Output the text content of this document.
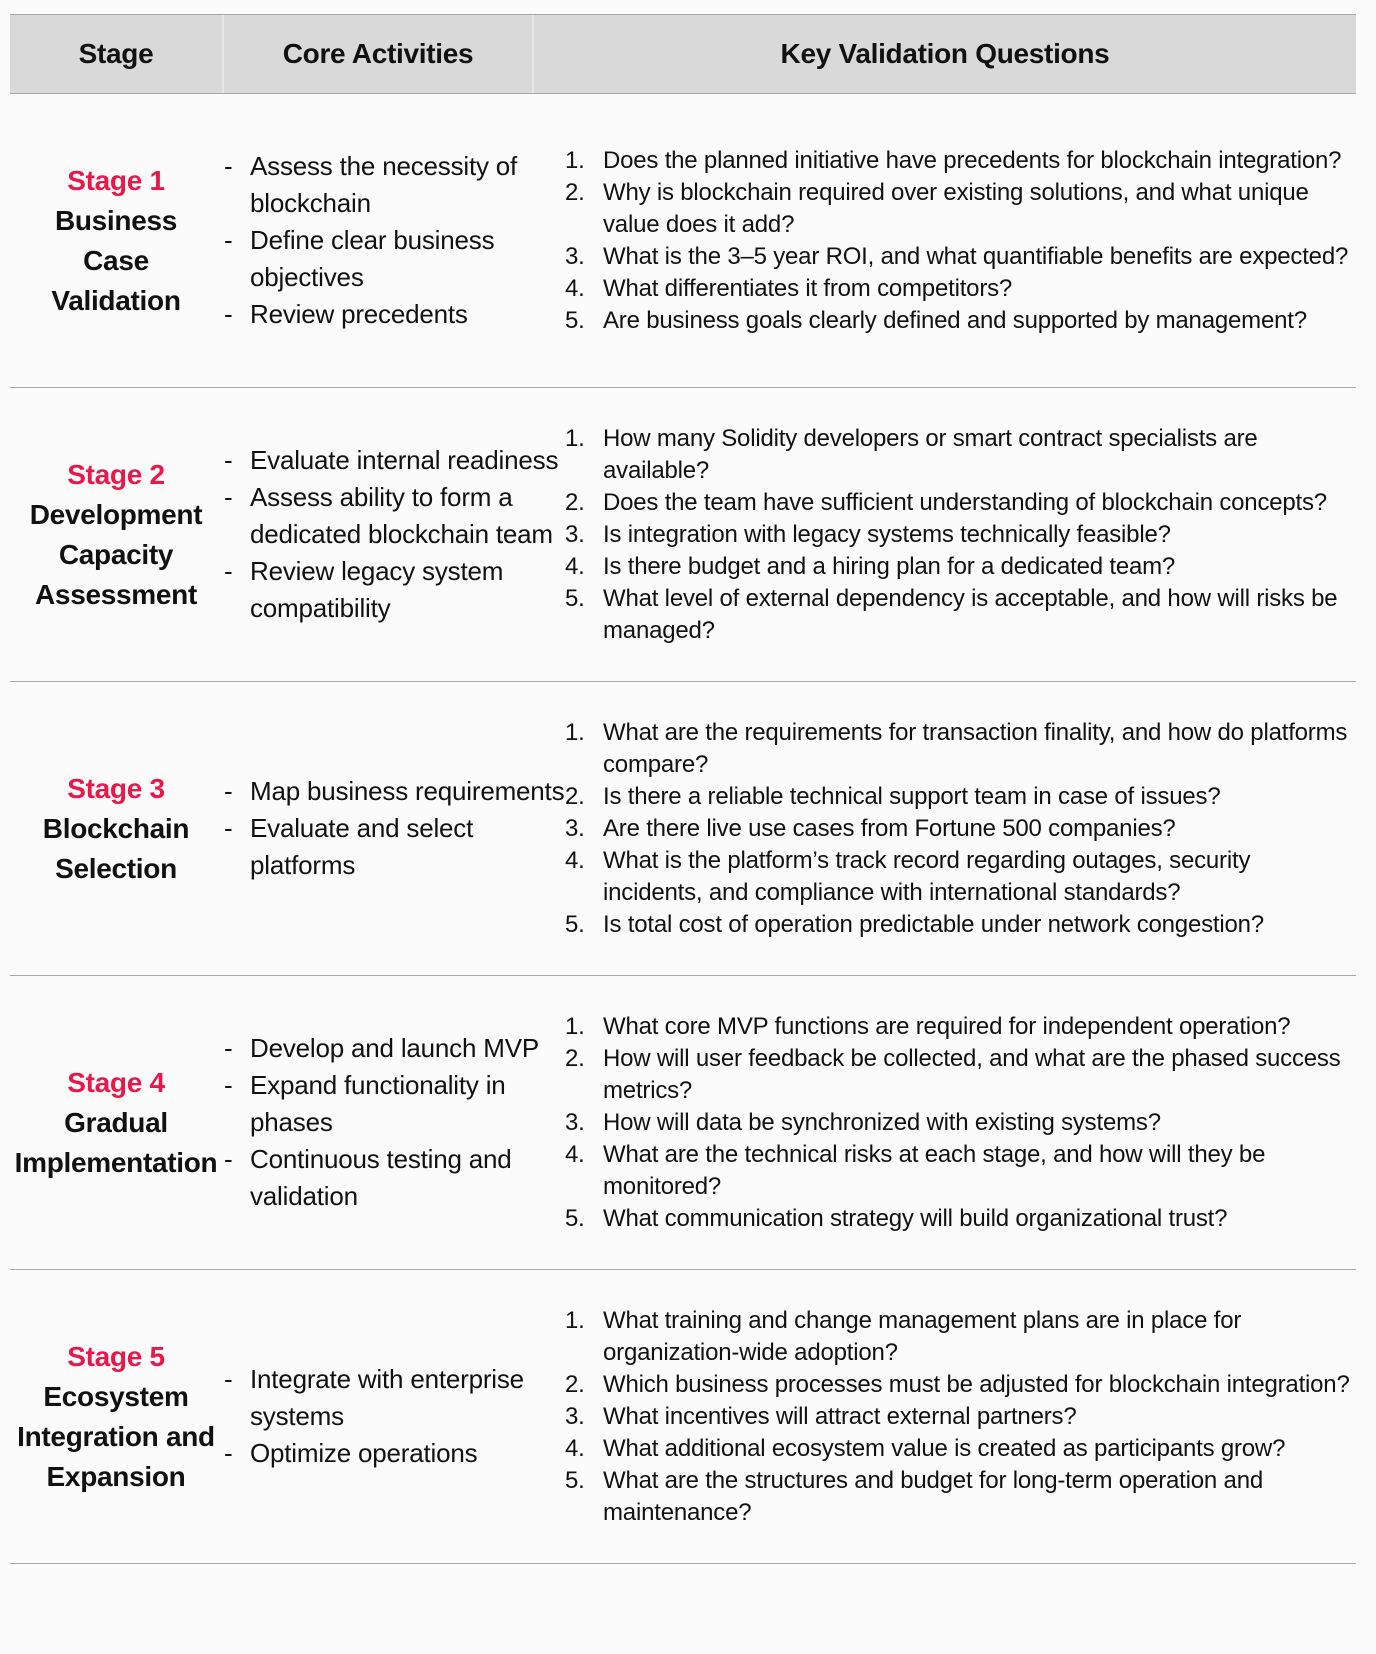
Stage	Core Activities	Key Validation Questions
Stage 1
Business
Case
Validation
- Assess the necessity of blockchain
- Define clear business objectives
- Review precedents
1. Does the planned initiative have precedents for blockchain integration?
2. Why is blockchain required over existing solutions, and what unique value does it add?
3. What is the 3–5 year ROI, and what quantifiable benefits are expected?
4. What differentiates it from competitors?
5. Are business goals clearly defined and supported by management?
Stage 2
Development
Capacity
Assessment
- Evaluate internal readiness
- Assess ability to form a dedicated blockchain team
- Review legacy system compatibility
1. How many Solidity developers or smart contract specialists are available?
2. Does the team have sufficient understanding of blockchain concepts?
3. Is integration with legacy systems technically feasible?
4. Is there budget and a hiring plan for a dedicated team?
5. What level of external dependency is acceptable, and how will risks be managed?
Stage 3
Blockchain
Selection
- Map business requirements
- Evaluate and select platforms
1. What are the requirements for transaction finality, and how do platforms compare?
2. Is there a reliable technical support team in case of issues?
3. Are there live use cases from Fortune 500 companies?
4. What is the platform’s track record regarding outages, security incidents, and compliance with international standards?
5. Is total cost of operation predictable under network congestion?
Stage 4
Gradual
Implementation
- Develop and launch MVP
- Expand functionality in phases
- Continuous testing and validation
1. What core MVP functions are required for independent operation?
2. How will user feedback be collected, and what are the phased success metrics?
3. How will data be synchronized with existing systems?
4. What are the technical risks at each stage, and how will they be monitored?
5. What communication strategy will build organizational trust?
Stage 5
Ecosystem
Integration and
Expansion
- Integrate with enterprise systems
- Optimize operations
1. What training and change management plans are in place for organization-wide adoption?
2. Which business processes must be adjusted for blockchain integration?
3. What incentives will attract external partners?
4. What additional ecosystem value is created as participants grow?
5. What are the structures and budget for long-term operation and maintenance?
